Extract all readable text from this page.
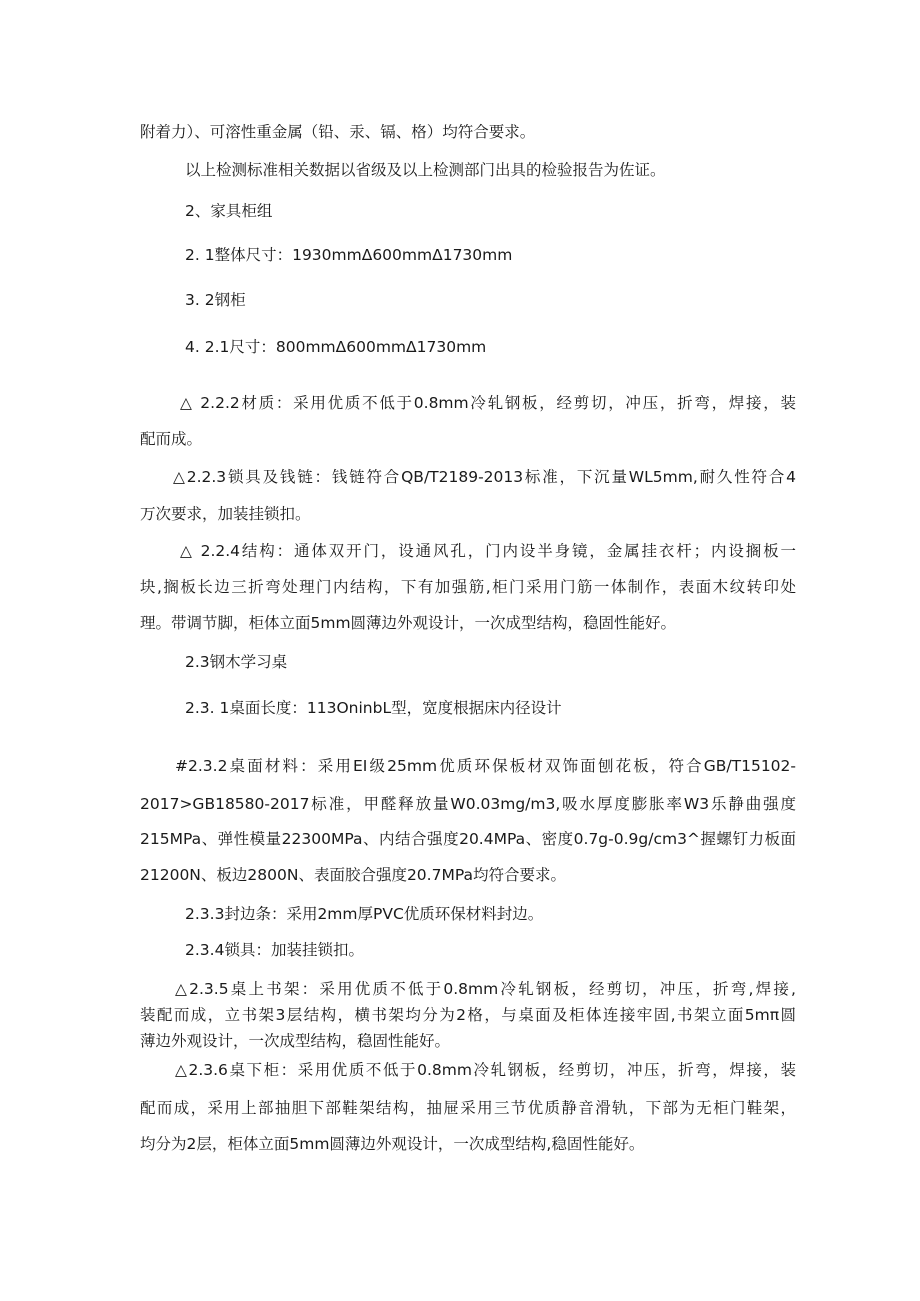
附着力）、可溶性重金属（铅、汞、镉、格）均符合要求。

以上检测标准相关数据以省级及以上检测部门出具的检验报告为佐证。

2、家具柜组

2. 1整体尺寸：1930mmΔ600mmΔ1730mm

3. 2钢柜

4. 2.1尺寸：800mmΔ600mmΔ1730mm

△ 2.2.2材质：采用优质不低于0.8mm冷轧钢板，经剪切，冲压，折弯，焊接，装

配而成。

△2.2.3锁具及钱链：钱链符合QB/T2189-2013标准，下沉量WL5mm,耐久性符合4

万次要求，加装挂锁扣。

△ 2.2.4结构：通体双开门，设通风孔，门内设半身镜，金属挂衣杆；内设搁板一

块,搁板长边三折弯处理门内结构，下有加强筋,柜门采用门筋一体制作，表面木纹转印处

理。带调节脚，柜体立面5mm圆薄边外观设计，一次成型结构，稳固性能好。

2.3钢木学习桌

2.3. 1桌面长度：113OninbL型，宽度根据床内径设计

#2.3.2桌面材料：采用EI级25mm优质环保板材双饰面刨花板，符合GB∕T15102-

2017>GB18580-2017标准，甲醛释放量W0.03mg∕m3,吸水厚度膨胀率W3乐静曲强度

215MPa、弹性模量22300MPa、内结合强度20.4MPa、密度0.7g-0.9g∕cm3^握螺钉力板面

21200N、板边2800N、表面胶合强度20.7MPa均符合要求。

2.3.3封边条：采用2mm厚PVC优质环保材料封边。

2.3.4锁具：加装挂锁扣。

△2.3.5桌上书架：采用优质不低于0.8mm冷轧钢板，经剪切，冲压，折弯,焊接,

装配而成，立书架3层结构，横书架均分为2格，与桌面及柜体连接牢固,书架立面5mπ圆

薄边外观设计，一次成型结构，稳固性能好。

△2.3.6桌下柜：采用优质不低于0.8mm冷轧钢板，经剪切，冲压，折弯，焊接，装

配而成，采用上部抽胆下部鞋架结构，抽屉采用三节优质静音滑轨，下部为无柜门鞋架，

均分为2层，柜体立面5mm圆薄边外观设计，一次成型结构,稳固性能好。
